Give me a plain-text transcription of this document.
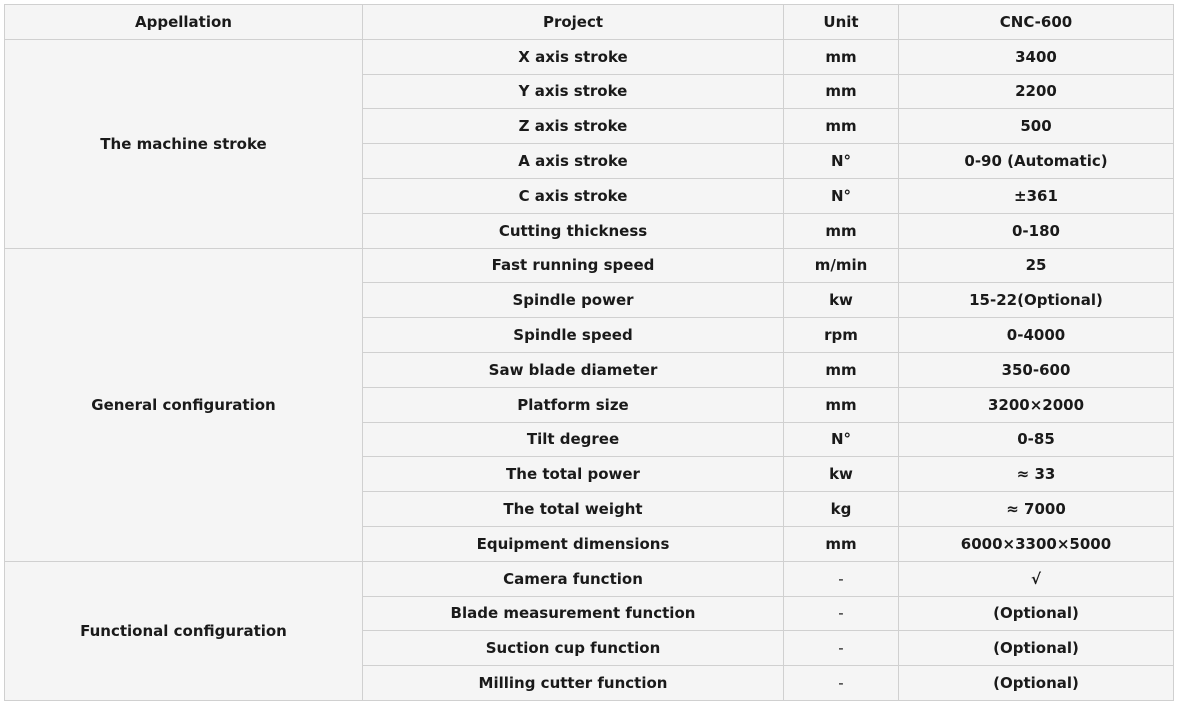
Appellation	Project	Unit	CNC-600
The machine stroke	X axis stroke	mm	3400
	Y axis stroke	mm	2200
	Z axis stroke	mm	500
	A axis stroke	N°	0-90 (Automatic)
	C axis stroke	N°	±361
	Cutting thickness	mm	0-180
General configuration	Fast running speed	m/min	25
	Spindle power	kw	15-22(Optional)
	Spindle speed	rpm	0-4000
	Saw blade diameter	mm	350-600
	Platform size	mm	3200×2000
	Tilt degree	N°	0-85
	The total power	kw	≈ 33
	The total weight	kg	≈ 7000
	Equipment dimensions	mm	6000×3300×5000
Functional configuration	Camera function	-	√
	Blade measurement function	-	(Optional)
	Suction cup function	-	(Optional)
	Milling cutter function	-	(Optional)
